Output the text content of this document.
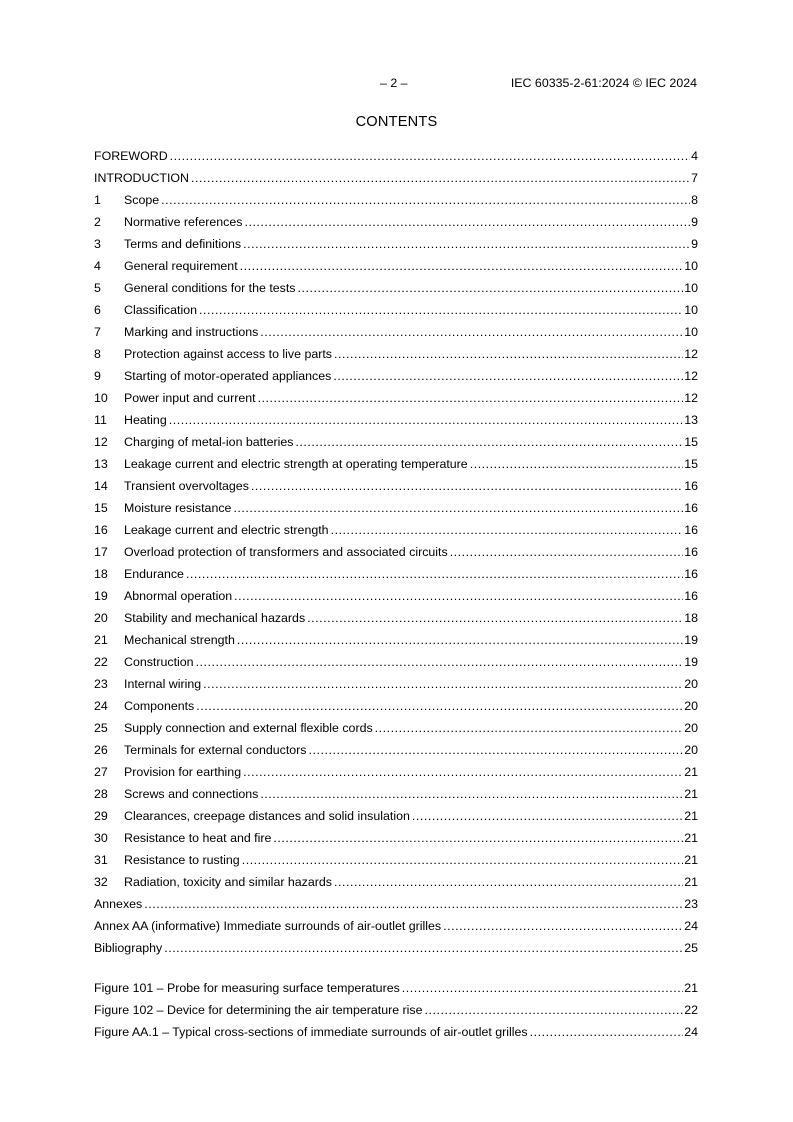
– 2 –	IEC 60335-2-61:2024 © IEC 2024
CONTENTS
FOREWORD .....	4
INTRODUCTION .....	7
1	Scope .....	8
2	Normative references .....	9
3	Terms and definitions .....	9
4	General requirement .....	10
5	General conditions for the tests .....	10
6	Classification .....	10
7	Marking and instructions .....	10
8	Protection against access to live parts .....	12
9	Starting of motor-operated appliances .....	12
10	Power input and current .....	12
11	Heating .....	13
12	Charging of metal-ion batteries .....	15
13	Leakage current and electric strength at operating temperature .....	15
14	Transient overvoltages .....	16
15	Moisture resistance .....	16
16	Leakage current and electric strength .....	16
17	Overload protection of transformers and associated circuits .....	16
18	Endurance .....	16
19	Abnormal operation .....	16
20	Stability and mechanical hazards .....	18
21	Mechanical strength .....	19
22	Construction .....	19
23	Internal wiring .....	20
24	Components .....	20
25	Supply connection and external flexible cords .....	20
26	Terminals for external conductors .....	20
27	Provision for earthing .....	21
28	Screws and connections .....	21
29	Clearances, creepage distances and solid insulation .....	21
30	Resistance to heat and fire .....	21
31	Resistance to rusting .....	21
32	Radiation, toxicity and similar hazards .....	21
Annexes .....	23
Annex AA (informative) Immediate surrounds of air-outlet grilles .....	24
Bibliography .....	25
Figure 101 – Probe for measuring surface temperatures .....	21
Figure 102 – Device for determining the air temperature rise .....	22
Figure AA.1 – Typical cross-sections of immediate surrounds of air-outlet grilles .....	24
